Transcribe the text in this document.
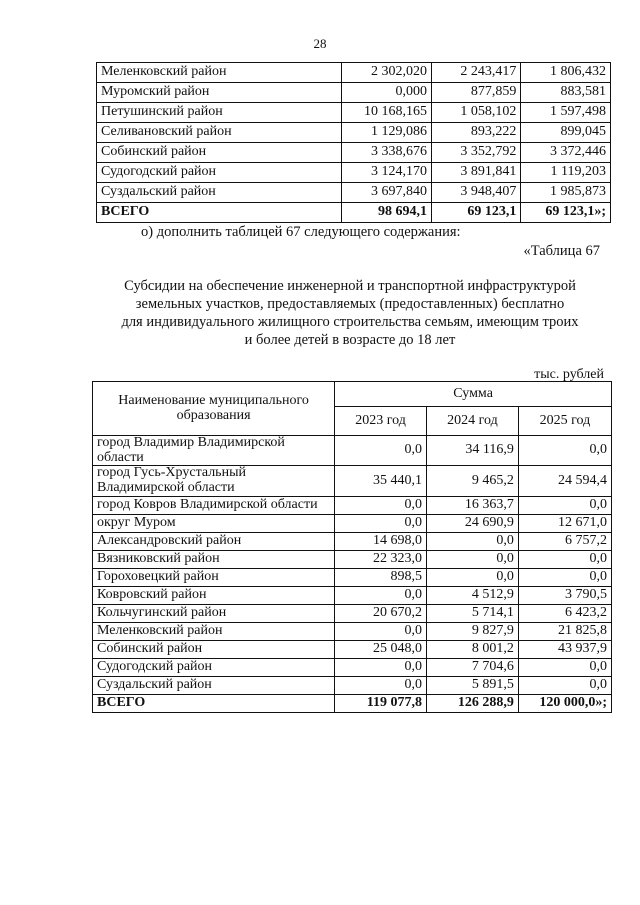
28
Меленковский район	2 302,020	2 243,417	1 806,432
Муромский район	0,000	877,859	883,581
Петушинский район	10 168,165	1 058,102	1 597,498
Селивановский район	1 129,086	893,222	899,045
Собинский район	3 338,676	3 352,792	3 372,446
Судогодский район	3 124,170	3 891,841	1 119,203
Суздальский район	3 697,840	3 948,407	1 985,873
ВСЕГО	98 694,1	69 123,1	69 123,1»;
о) дополнить таблицей 67 следующего содержания:
«Таблица 67
Субсидии на обеспечение инженерной и транспортной инфраструктурой
земельных участков, предоставляемых (предоставленных) бесплатно
для индивидуального жилищного строительства семьям, имеющим троих
и более детей в возрасте до 18 лет
тыс. рублей
Наименование муниципального образования	Сумма		
	2023 год	2024 год	2025 год
город Владимир Владимирской области	0,0	34 116,9	0,0
город Гусь-Хрустальный Владимирской области	35 440,1	9 465,2	24 594,4
город Ковров Владимирской области	0,0	16 363,7	0,0
округ Муром	0,0	24 690,9	12 671,0
Александровский район	14 698,0	0,0	6 757,2
Вязниковский район	22 323,0	0,0	0,0
Гороховецкий район	898,5	0,0	0,0
Ковровский район	0,0	4 512,9	3 790,5
Кольчугинский район	20 670,2	5 714,1	6 423,2
Меленковский район	0,0	9 827,9	21 825,8
Собинский район	25 048,0	8 001,2	43 937,9
Судогодский район	0,0	7 704,6	0,0
Суздальский район	0,0	5 891,5	0,0
ВСЕГО	119 077,8	126 288,9	120 000,0»;
